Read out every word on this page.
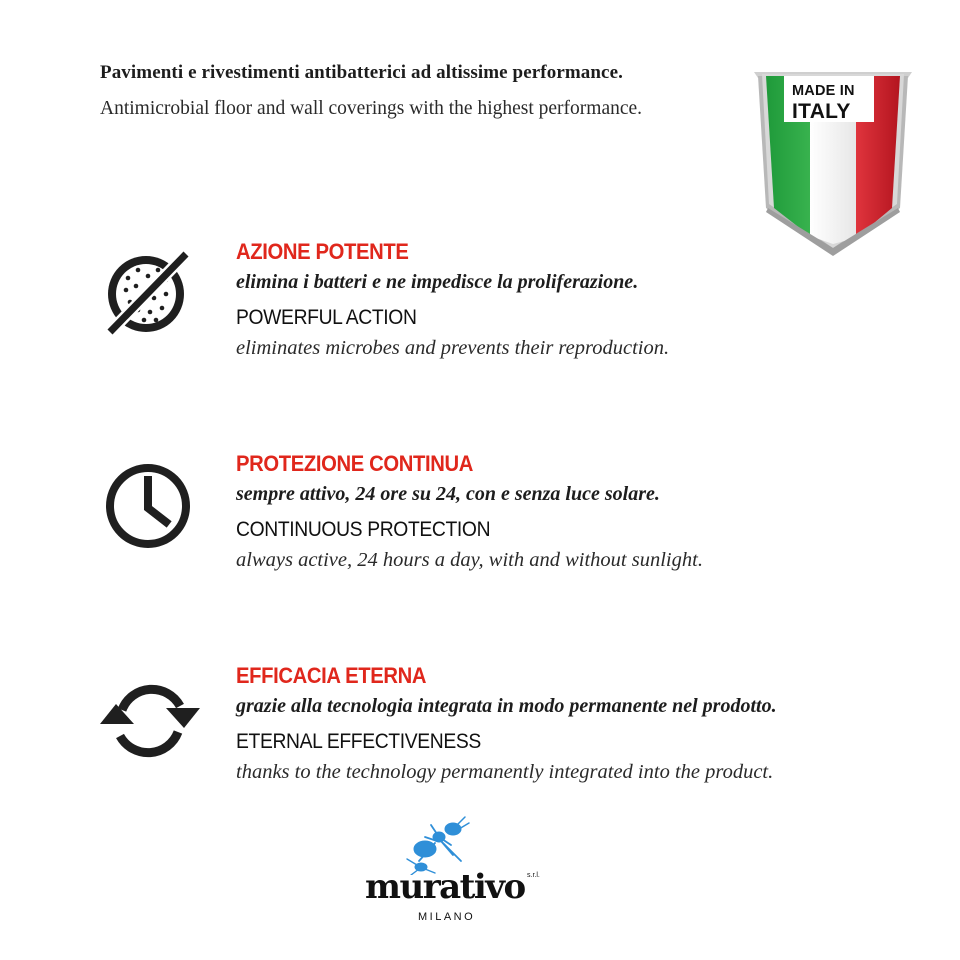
Pavimenti e rivestimenti antibatterici ad altissime performance.

Antimicrobial floor and wall coverings with the highest performance.

MADE IN
ITALY
AZIONE POTENTE
elimina i batteri e ne impedisce la proliferazione.
POWERFUL ACTION
eliminates microbes and prevents their reproduction.
PROTEZIONE CONTINUA
sempre attivo, 24 ore su 24, con e senza luce solare.
CONTINUOUS PROTECTION
always active, 24 hours a day, with and without sunlight.
EFFICACIA ETERNA
grazie alla tecnologia integrata in modo permanente nel prodotto.
ETERNAL EFFECTIVENESS
thanks to the technology permanently integrated into the product.
murativo s.r.l.
MILANO
